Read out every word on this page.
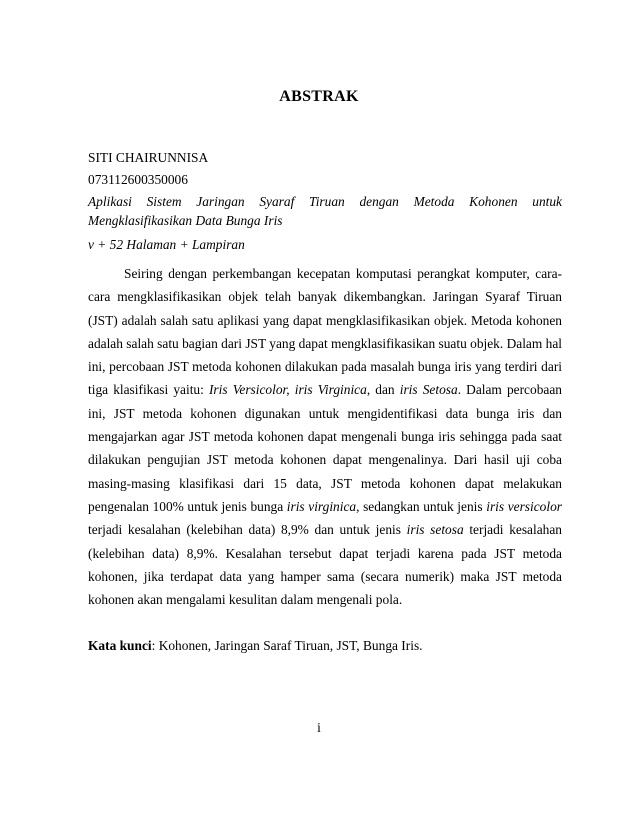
ABSTRAK
SITI CHAIRUNNISA
073112600350006
Aplikasi Sistem Jaringan Syaraf Tiruan dengan Metoda Kohonen untuk Mengklasifikasikan Data Bunga Iris
v + 52 Halaman + Lampiran

Seiring dengan perkembangan kecepatan komputasi perangkat komputer, cara-cara mengklasifikasikan objek telah banyak dikembangkan. Jaringan Syaraf Tiruan (JST) adalah salah satu aplikasi yang dapat mengklasifikasikan objek. Metoda kohonen adalah salah satu bagian dari JST yang dapat mengklasifikasikan suatu objek. Dalam hal ini, percobaan JST metoda kohonen dilakukan pada masalah bunga iris yang terdiri dari tiga klasifikasi yaitu: Iris Versicolor, iris Virginica, dan iris Setosa. Dalam percobaan ini, JST metoda kohonen digunakan untuk mengidentifikasi data bunga iris dan mengajarkan agar JST metoda kohonen dapat mengenali bunga iris sehingga pada saat dilakukan pengujian JST metoda kohonen dapat mengenalinya. Dari hasil uji coba masing-masing klasifikasi dari 15 data, JST metoda kohonen dapat melakukan pengenalan 100% untuk jenis bunga iris virginica, sedangkan untuk jenis iris versicolor terjadi kesalahan (kelebihan data) 8,9% dan untuk jenis iris setosa terjadi kesalahan (kelebihan data) 8,9%. Kesalahan tersebut dapat terjadi karena pada JST metoda kohonen, jika terdapat data yang hamper sama (secara numerik) maka JST metoda kohonen akan mengalami kesulitan dalam mengenali pola.

Kata kunci: Kohonen, Jaringan Saraf Tiruan, JST, Bunga Iris.
i
